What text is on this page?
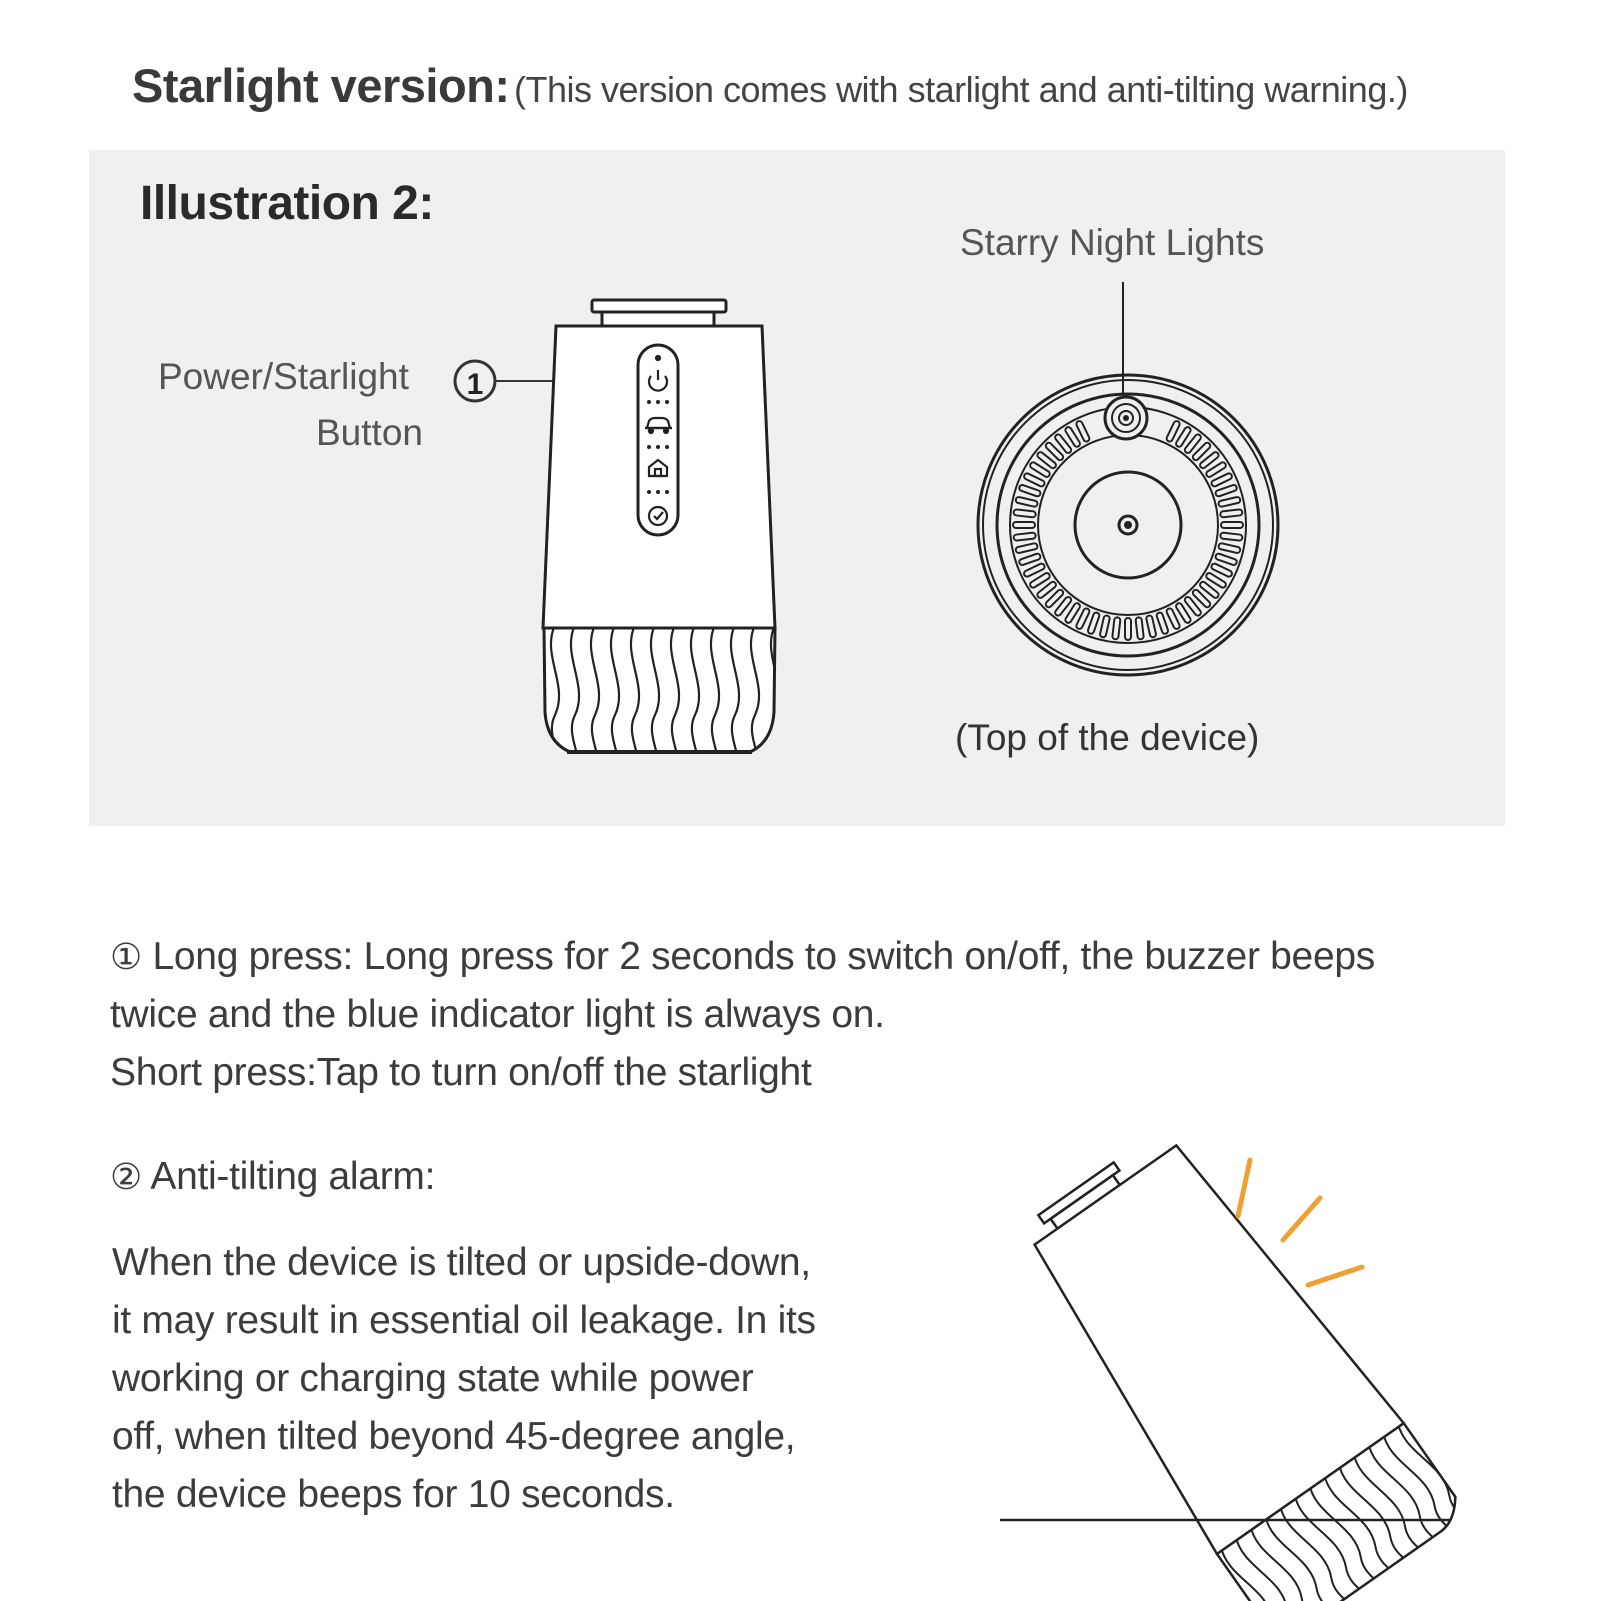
Starlight version: (This version comes with starlight and anti-tilting warning.)
Illustration 2:
Power/Starlight
Button
Starry Night Lights
(Top of the device)
1
① Long press: Long press for 2 seconds to switch on/off, the buzzer beeps
twice and the blue indicator light is always on.
Short press:Tap to turn on/off the starlight
② Anti-tilting alarm:
When the device is tilted or upside-down,
it may result in essential oil leakage. In its
working or charging state while power
off, when tilted beyond 45-degree angle,
the device beeps for 10 seconds.
